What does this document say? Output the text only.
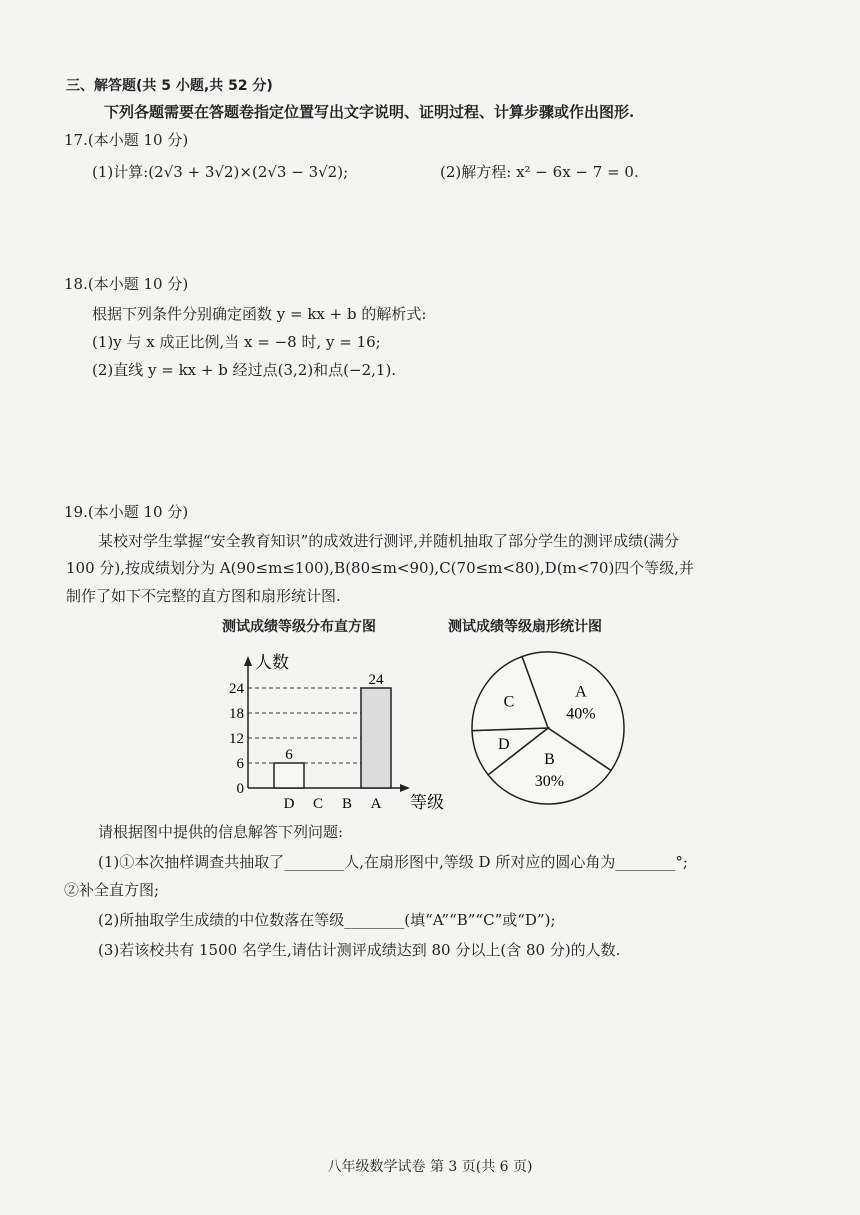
三、解答题(共 5 小题,共 52 分)
下列各题需要在答题卷指定位置写出文字说明、证明过程、计算步骤或作出图形.
17.(本小题 10 分)
(1)计算:(2√3 + 3√2)×(2√3 − 3√2);	(2)解方程: x² − 6x − 7 = 0.
18.(本小题 10 分)
根据下列条件分别确定函数 y = kx + b 的解析式:
(1)y 与 x 成正比例,当 x = −8 时, y = 16;
(2)直线 y = kx + b 经过点(3,2)和点(−2,1).
19.(本小题 10 分)
某校对学生掌握“安全教育知识”的成效进行测评,并随机抽取了部分学生的测评成绩(满分
100 分),按成绩划分为 A(90≤m≤100),B(80≤m<90),C(70≤m<80),D(m<70)四个等级,并
制作了如下不完整的直方图和扇形统计图.
测试成绩等级分布直方图	测试成绩等级扇形统计图
人数
等级
0
6
12
18
24
D
6
C B A
24
A
40%
B
30%
D
C
请根据图中提供的信息解答下列问题:
(1)①本次抽样调查共抽取了________人,在扇形图中,等级 D 所对应的圆心角为________°;
②补全直方图;
(2)所抽取学生成绩的中位数落在等级________(填“A”“B”“C”或“D”);
(3)若该校共有 1500 名学生,请估计测评成绩达到 80 分以上(含 80 分)的人数.
八年级数学试卷 第 3 页(共 6 页)
